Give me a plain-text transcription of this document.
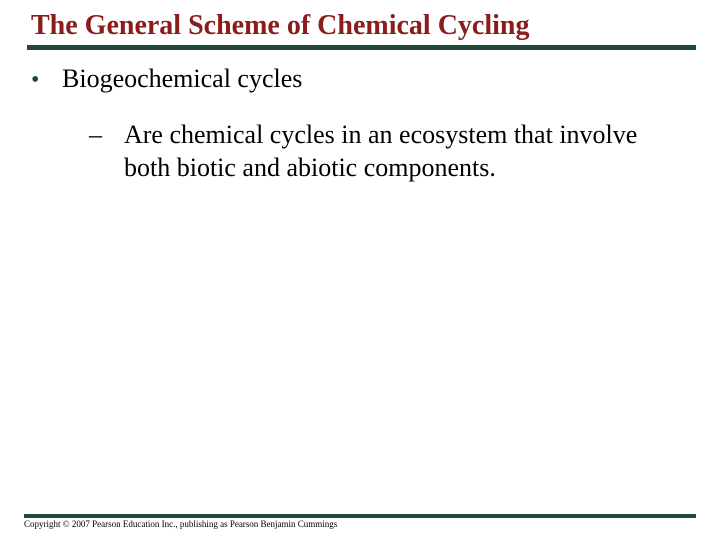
The General Scheme of Chemical Cycling
• Biogeochemical cycles
– Are chemical cycles in an ecosystem that involve both biotic and abiotic components.
Copyright © 2007 Pearson Education Inc., publishing as Pearson Benjamin Cummings
